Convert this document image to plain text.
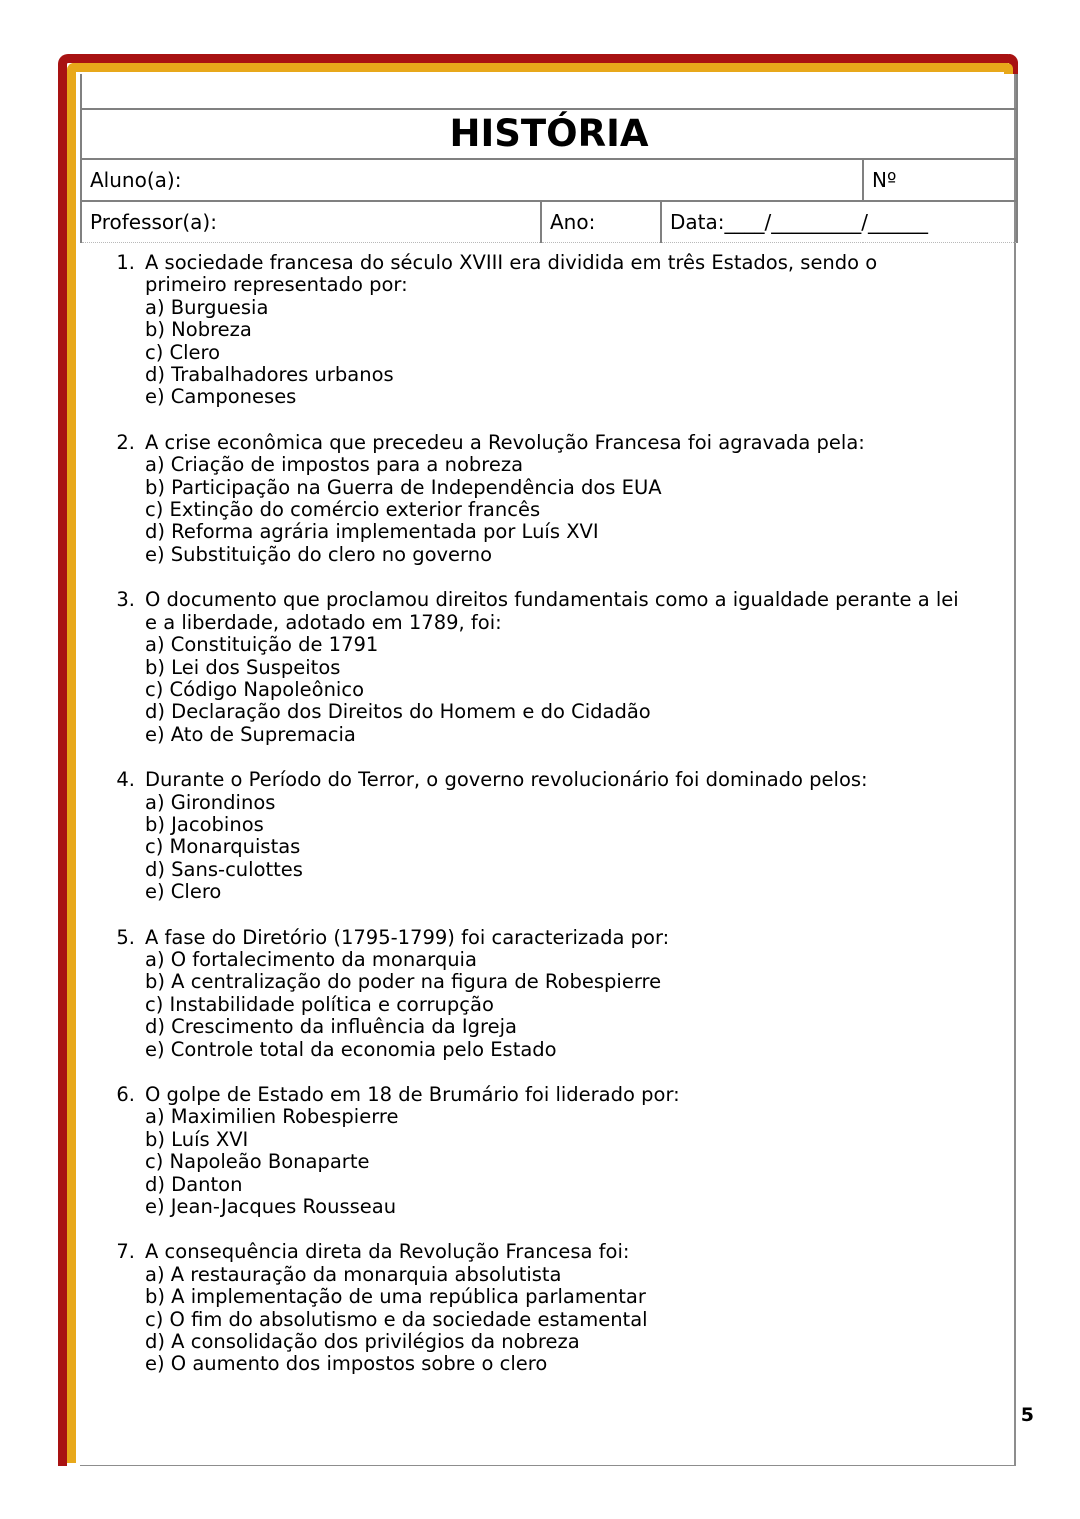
HISTÓRIA			

Aluno(a):			Nº

Professor(a):	Ano:	Data:____/_________/______	
1. A sociedade francesa do século XVIII era dividida em três Estados, sendo o primeiro representado por:

a) Burguesia
b) Nobreza
c) Clero
d) Trabalhadores urbanos
e) Camponeses
2. A crise econômica que precedeu a Revolução Francesa foi agravada pela:

a) Criação de impostos para a nobreza
b) Participação na Guerra de Independência dos EUA
c) Extinção do comércio exterior francês
d) Reforma agrária implementada por Luís XVI
e) Substituição do clero no governo
3. O documento que proclamou direitos fundamentais como a igualdade perante a lei e a liberdade, adotado em 1789, foi:

a) Constituição de 1791
b) Lei dos Suspeitos
c) Código Napoleônico
d) Declaração dos Direitos do Homem e do Cidadão
e) Ato de Supremacia
4. Durante o Período do Terror, o governo revolucionário foi dominado pelos:

a) Girondinos
b) Jacobinos
c) Monarquistas
d) Sans-culottes
e) Clero
5. A fase do Diretório (1795-1799) foi caracterizada por:

a) O fortalecimento da monarquia
b) A centralização do poder na figura de Robespierre
c) Instabilidade política e corrupção
d) Crescimento da influência da Igreja
e) Controle total da economia pelo Estado
6. O golpe de Estado em 18 de Brumário foi liderado por:

a) Maximilien Robespierre
b) Luís XVI
c) Napoleão Bonaparte
d) Danton
e) Jean-Jacques Rousseau
7. A consequência direta da Revolução Francesa foi:

a) A restauração da monarquia absolutista
b) A implementação de uma república parlamentar
c) O fim do absolutismo e da sociedade estamental
d) A consolidação dos privilégios da nobreza
e) O aumento dos impostos sobre o clero
5
